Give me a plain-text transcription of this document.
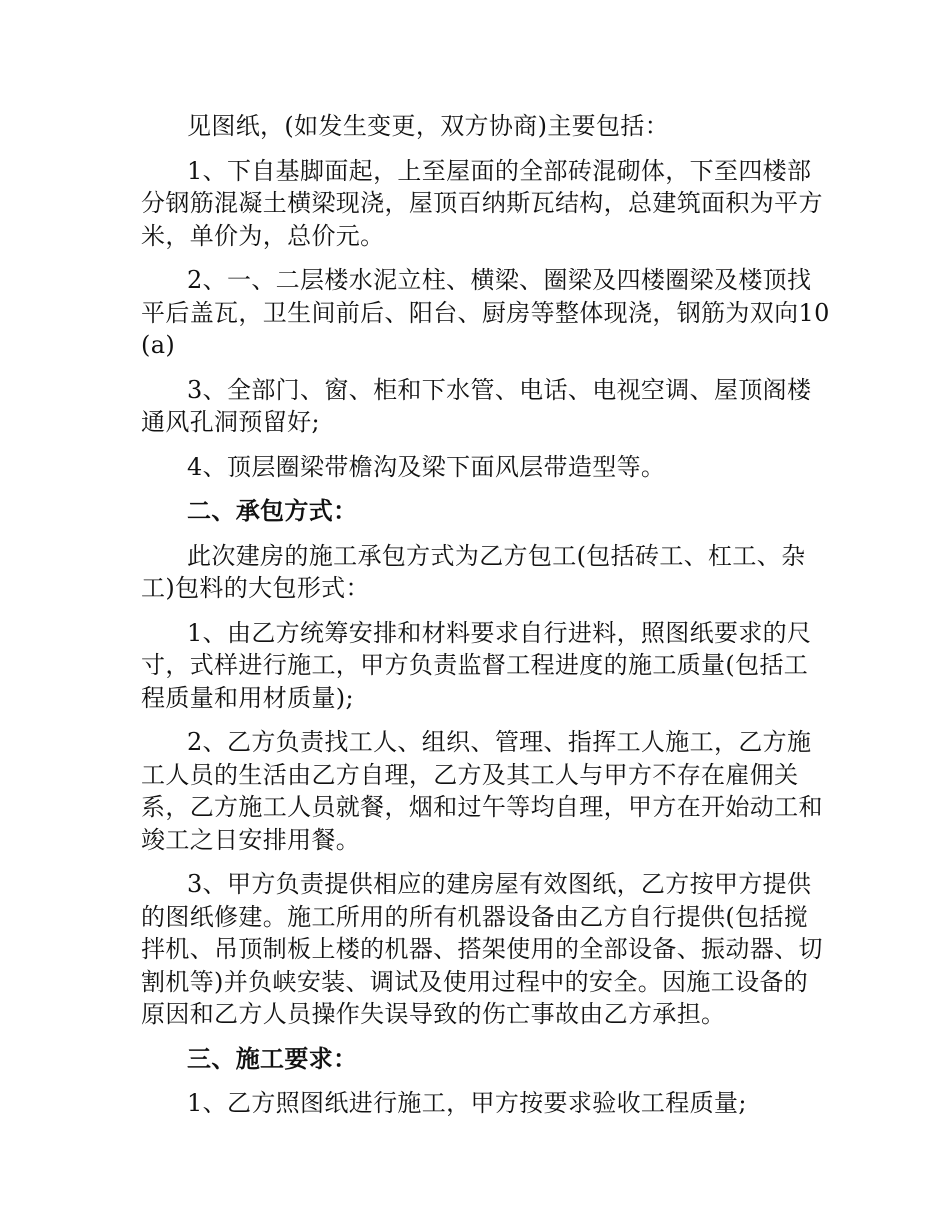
见图纸，(如发生变更，双方协商)主要包括：

1、下自基脚面起，上至屋面的全部砖混砌体，下至四楼部分钢筋混凝土横梁现浇，屋顶百纳斯瓦结构，总建筑面积为平方米，单价为，总价元。

2、一、二层楼水泥立柱、横梁、圈梁及四楼圈梁及楼顶找平后盖瓦，卫生间前后、阳台、厨房等整体现浇，钢筋为双向10(a)

3、全部门、窗、柜和下水管、电话、电视空调、屋顶阁楼通风孔洞预留好;

4、顶层圈梁带檐沟及梁下面风层带造型等。

二、承包方式：

此次建房的施工承包方式为乙方包工(包括砖工、杠工、杂工)包料的大包形式：

1、由乙方统筹安排和材料要求自行进料，照图纸要求的尺寸，式样进行施工，甲方负责监督工程进度的施工质量(包括工程质量和用材质量);

2、乙方负责找工人、组织、管理、指挥工人施工，乙方施工人员的生活由乙方自理，乙方及其工人与甲方不存在雇佣关系，乙方施工人员就餐，烟和过午等均自理，甲方在开始动工和竣工之日安排用餐。

3、甲方负责提供相应的建房屋有效图纸，乙方按甲方提供的图纸修建。施工所用的所有机器设备由乙方自行提供(包括搅拌机、吊顶制板上楼的机器、搭架使用的全部设备、振动器、切割机等)并负峡安装、调试及使用过程中的安全。因施工设备的原因和乙方人员操作失误导致的伤亡事故由乙方承担。

三、施工要求：

1、乙方照图纸进行施工，甲方按要求验收工程质量;
